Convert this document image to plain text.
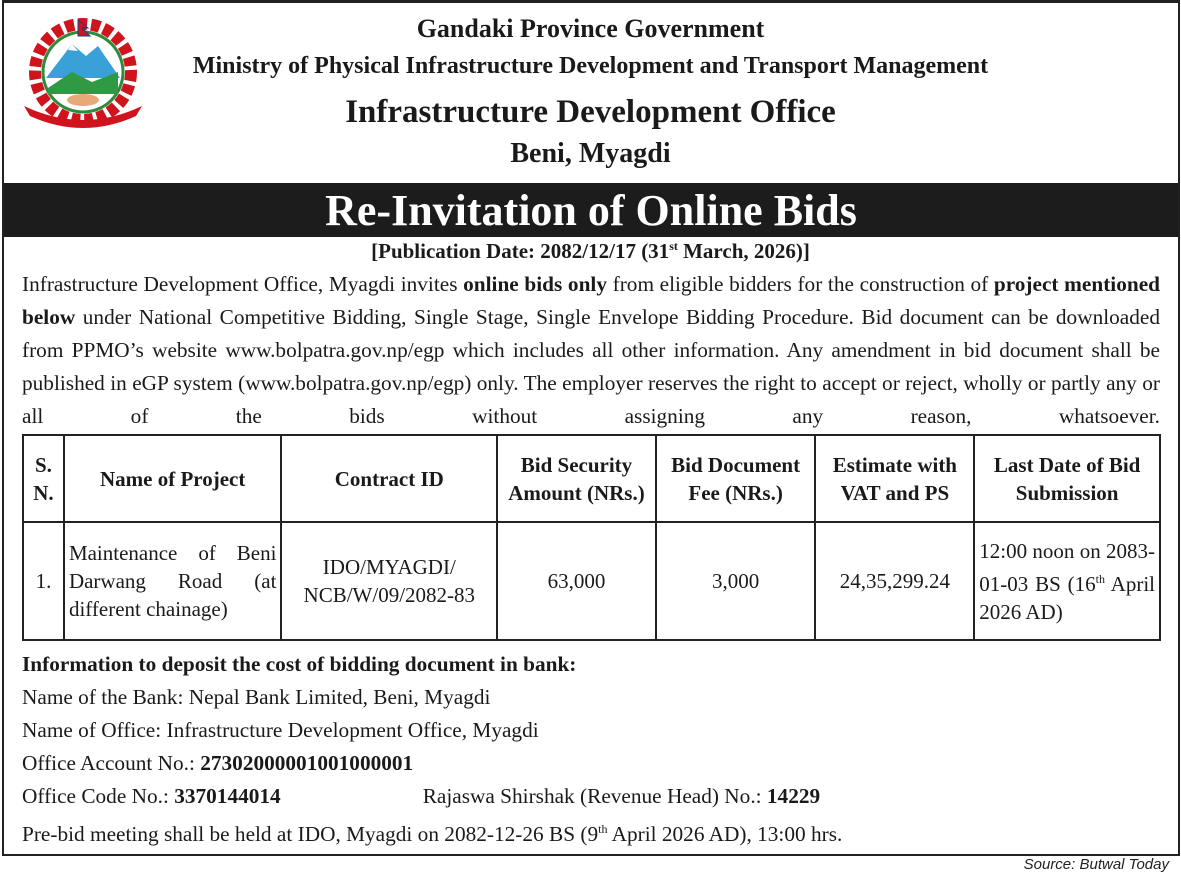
Gandaki Province Government
Ministry of Physical Infrastructure Development and Transport Management
Infrastructure Development Office
Beni, Myagdi
Re-Invitation of Online Bids
[Publication Date: 2082/12/17 (31st March, 2026)]

Infrastructure Development Office, Myagdi invites online bids only from eligible bidders for the construction of project mentioned below under National Competitive Bidding, Single Stage, Single Envelope Bidding Procedure. Bid document can be downloaded from PPMO’s website www.bolpatra.gov.np/egp which includes all other information. Any amendment in bid document shall be published in eGP system (www.bolpatra.gov.np/egp) only. The employer reserves the right to accept or reject, wholly or partly any or all of the bids without assigning any reason, whatsoever.

S. N.	Name of Project	Contract ID	Bid Security Amount (NRs.)	Bid Document Fee (NRs.)	Estimate with VAT and PS	Last Date of Bid Submission
1.	Maintenance of Beni Darwang Road (at different chainage)	IDO/MYAGDI/ NCB/W/09/2082-83	63,000	3,000	24,35,299.24	12:00 noon on 2083-01-03 BS (16th April 2026 AD)
Information to deposit the cost of bidding document in bank:
Name of the Bank: Nepal Bank Limited, Beni, Myagdi
Name of Office: Infrastructure Development Office, Myagdi
Office Account No.: 27302000001001000001
Office Code No.: 3370144014	Rajaswa Shirshak (Revenue Head) No.: 14229
Pre-bid meeting shall be held at IDO, Myagdi on 2082-12-26 BS (9th April 2026 AD), 13:00 hrs.
Source: Butwal Today
